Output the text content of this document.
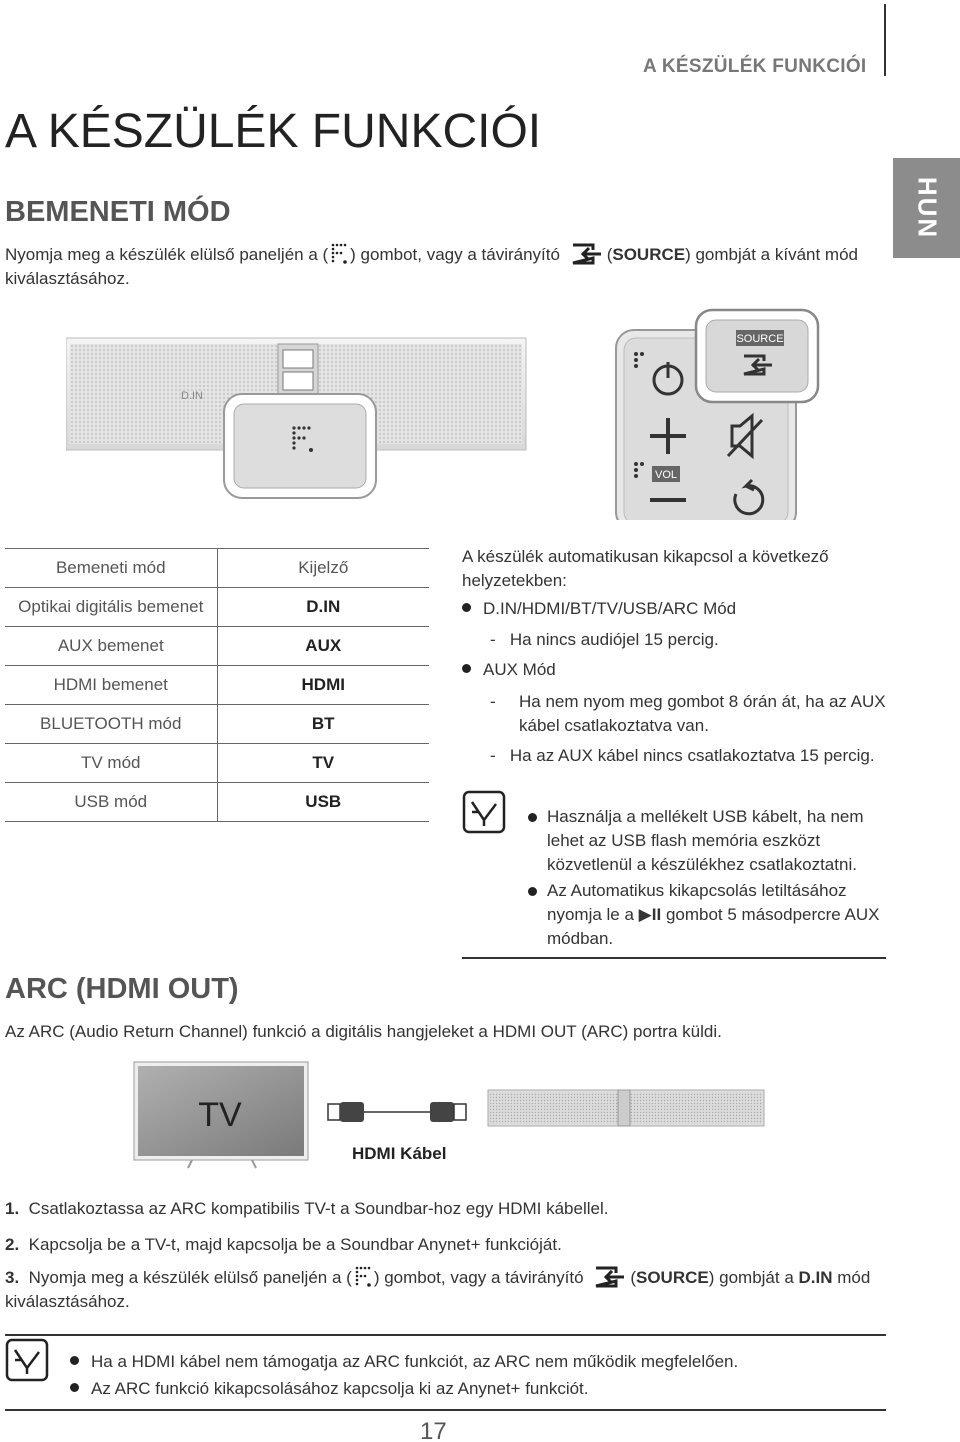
A KÉSZÜLÉK FUNKCIÓI
HUN
A KÉSZÜLÉK FUNKCIÓI
BEMENETI MÓD
Nyomja meg a készülék elülső paneljén a ( ) gombot, vagy a távirányító	(SOURCE) gombját a kívánt mód
kiválasztásához.
D.IN
SOURCE
VOL
Bemeneti mód	Kijelző
Optikai digitális bemenet	D.IN
AUX bemenet	AUX
HDMI bemenet	HDMI
BLUETOOTH mód	BT
TV mód	TV
USB mód	USB
A készülék automatikusan kikapcsol a következő helyzetekben:
D.IN/HDMI/BT/TV/USB/ARC Mód
-   Ha nincs audiójel 15 percig.
AUX Mód
- Ha nem nyom meg gombot 8 órán át, ha az AUX kábel csatlakoztatva van.
-   Ha az AUX kábel nincs csatlakoztatva 15 percig.
Használja a mellékelt USB kábelt, ha nem lehet az USB flash memória eszközt közvetlenül a készülékhez csatlakoztatni.
Az Automatikus kikapcsolás letiltásához nyomja le a ▶II gombot 5 másodpercre AUX módban.
ARC (HDMI OUT)
Az ARC (Audio Return Channel) funkció a digitális hangjeleket a HDMI OUT (ARC) portra küldi.
TV
HDMI Kábel
1. Csatlakoztassa az ARC kompatibilis TV-t a Soundbar-hoz egy HDMI kábellel.
2. Kapcsolja be a TV-t, majd kapcsolja be a Soundbar Anynet+ funkcióját.
3. Nyomja meg a készülék elülső paneljén a ( ) gombot, vagy a távirányító	(SOURCE) gombját a D.IN mód
kiválasztásához.
Ha a HDMI kábel nem támogatja az ARC funkciót, az ARC nem működik megfelelően.
Az ARC funkció kikapcsolásához kapcsolja ki az Anynet+ funkciót.
17
